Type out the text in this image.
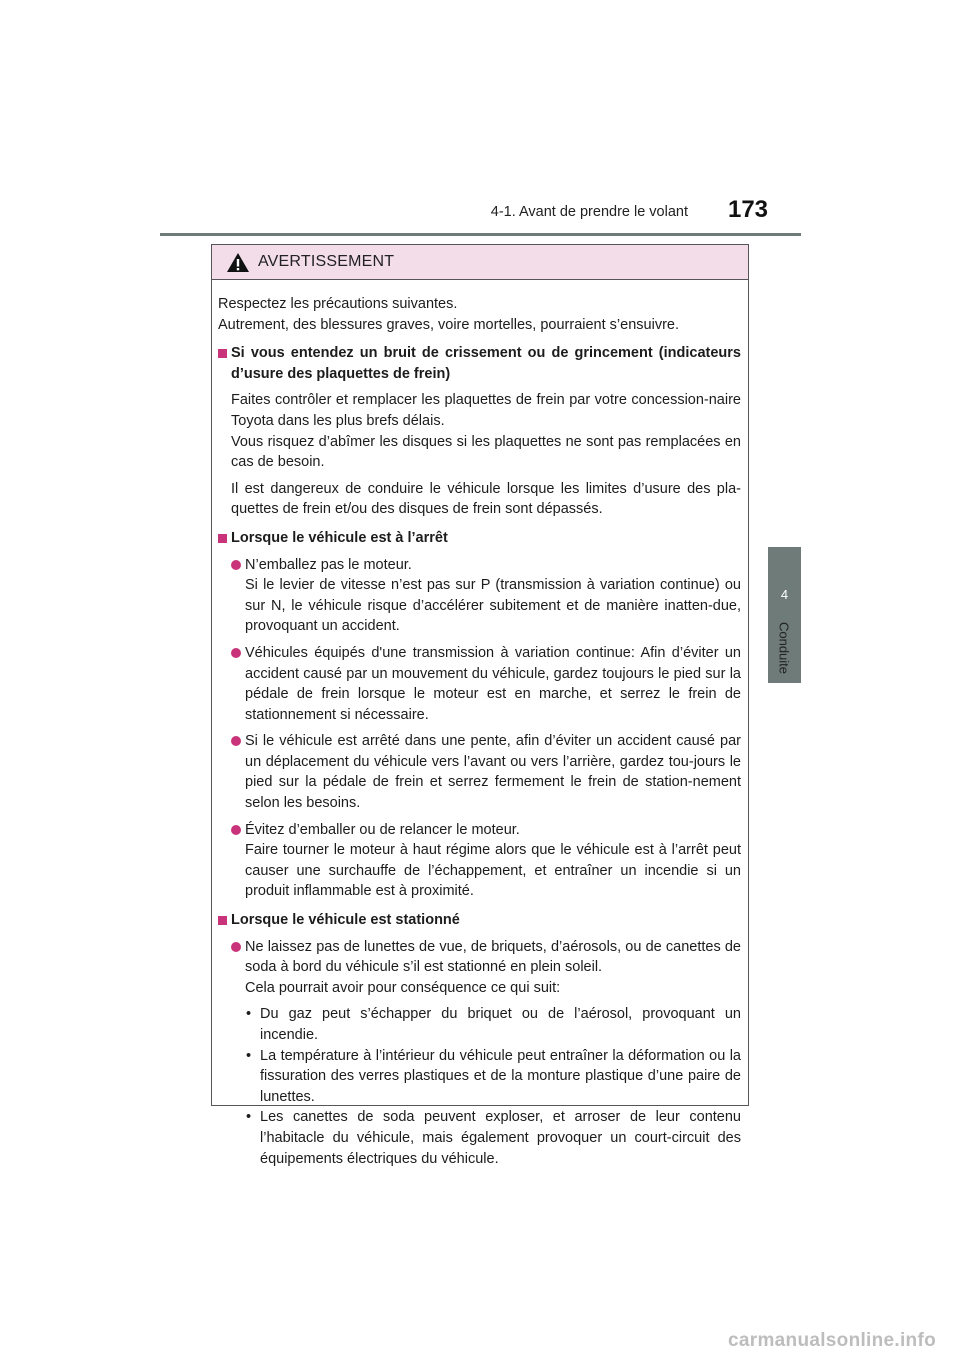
4-1. Avant de prendre le volant	173
4
Conduite
AVERTISSEMENT

Respectez les précautions suivantes.

Autrement, des blessures graves, voire mortelles, pourraient s’ensuivre.

Si vous entendez un bruit de crissement ou de grincement (indicateurs d’usure des plaquettes de frein)

Faites contrôler et remplacer les plaquettes de frein par votre concession-naire Toyota dans les plus brefs délais.

Vous risquez d’abîmer les disques si les plaquettes ne sont pas remplacées en cas de besoin.

Il est dangereux de conduire le véhicule lorsque les limites d’usure des pla-quettes de frein et/ou des disques de frein sont dépassés.

Lorsque le véhicule est à l’arrêt

N’emballez pas le moteur.

Si le levier de vitesse n’est pas sur P (transmission à variation continue) ou sur N, le véhicule risque d’accélérer subitement et de manière inatten-due, provoquant un accident.

Véhicules équipés d'une transmission à variation continue: Afin d’éviter un accident causé par un mouvement du véhicule, gardez toujours le pied sur la pédale de frein lorsque le moteur est en marche, et serrez le frein de stationnement si nécessaire.

Si le véhicule est arrêté dans une pente, afin d’éviter un accident causé par un déplacement du véhicule vers l’avant ou vers l’arrière, gardez tou-jours le pied sur la pédale de frein et serrez fermement le frein de station-nement selon les besoins.

Évitez d’emballer ou de relancer le moteur.

Faire tourner le moteur à haut régime alors que le véhicule est à l’arrêt peut causer une surchauffe de l’échappement, et entraîner un incendie si un produit inflammable est à proximité.

Lorsque le véhicule est stationné

Ne laissez pas de lunettes de vue, de briquets, d’aérosols, ou de canettes de soda à bord du véhicule s’il est stationné en plein soleil.

Cela pourrait avoir pour conséquence ce qui suit:

• Du gaz peut s’échapper du briquet ou de l’aérosol, provoquant un incendie.
• La température à l’intérieur du véhicule peut entraîner la déformation ou la fissuration des verres plastiques et de la monture plastique d’une paire de lunettes.
• Les canettes de soda peuvent exploser, et arroser de leur contenu l’habitacle du véhicule, mais également provoquer un court-circuit des équipements électriques du véhicule.
carmanualsonline.info
